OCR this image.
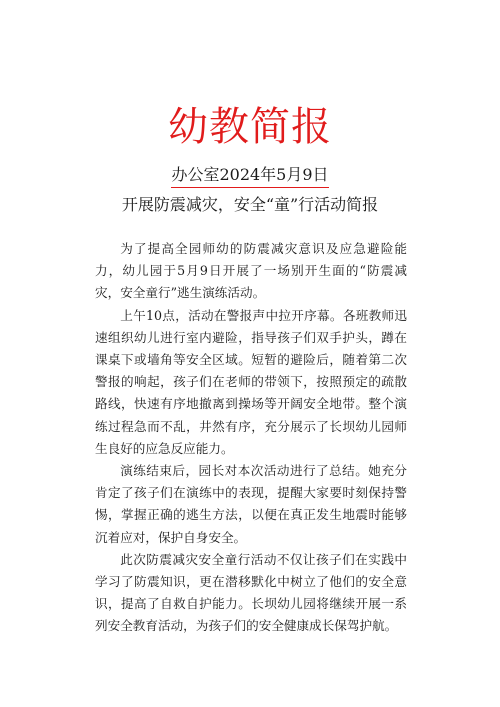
幼教简报
办公室2024年5月9日
开展防震减灾，安全“童”行活动简报

为了提高全园师幼的防震减灾意识及应急避险能力，幼儿园于5月9日开展了一场别开生面的“防震减灾，安全童行”逃生演练活动。

上午10点，活动在警报声中拉开序幕。各班教师迅速组织幼儿进行室内避险，指导孩子们双手护头，蹲在课桌下或墙角等安全区域。短暂的避险后，随着第二次警报的响起，孩子们在老师的带领下，按照预定的疏散路线，快速有序地撤离到操场等开阔安全地带。整个演练过程急而不乱，井然有序，充分展示了长坝幼儿园师生良好的应急反应能力。

演练结束后，园长对本次活动进行了总结。她充分肯定了孩子们在演练中的表现，提醒大家要时刻保持警惕，掌握正确的逃生方法，以便在真正发生地震时能够沉着应对，保护自身安全。

此次防震减灾安全童行活动不仅让孩子们在实践中学习了防震知识，更在潜移默化中树立了他们的安全意识，提高了自救自护能力。长坝幼儿园将继续开展一系列安全教育活动，为孩子们的安全健康成长保驾护航。
